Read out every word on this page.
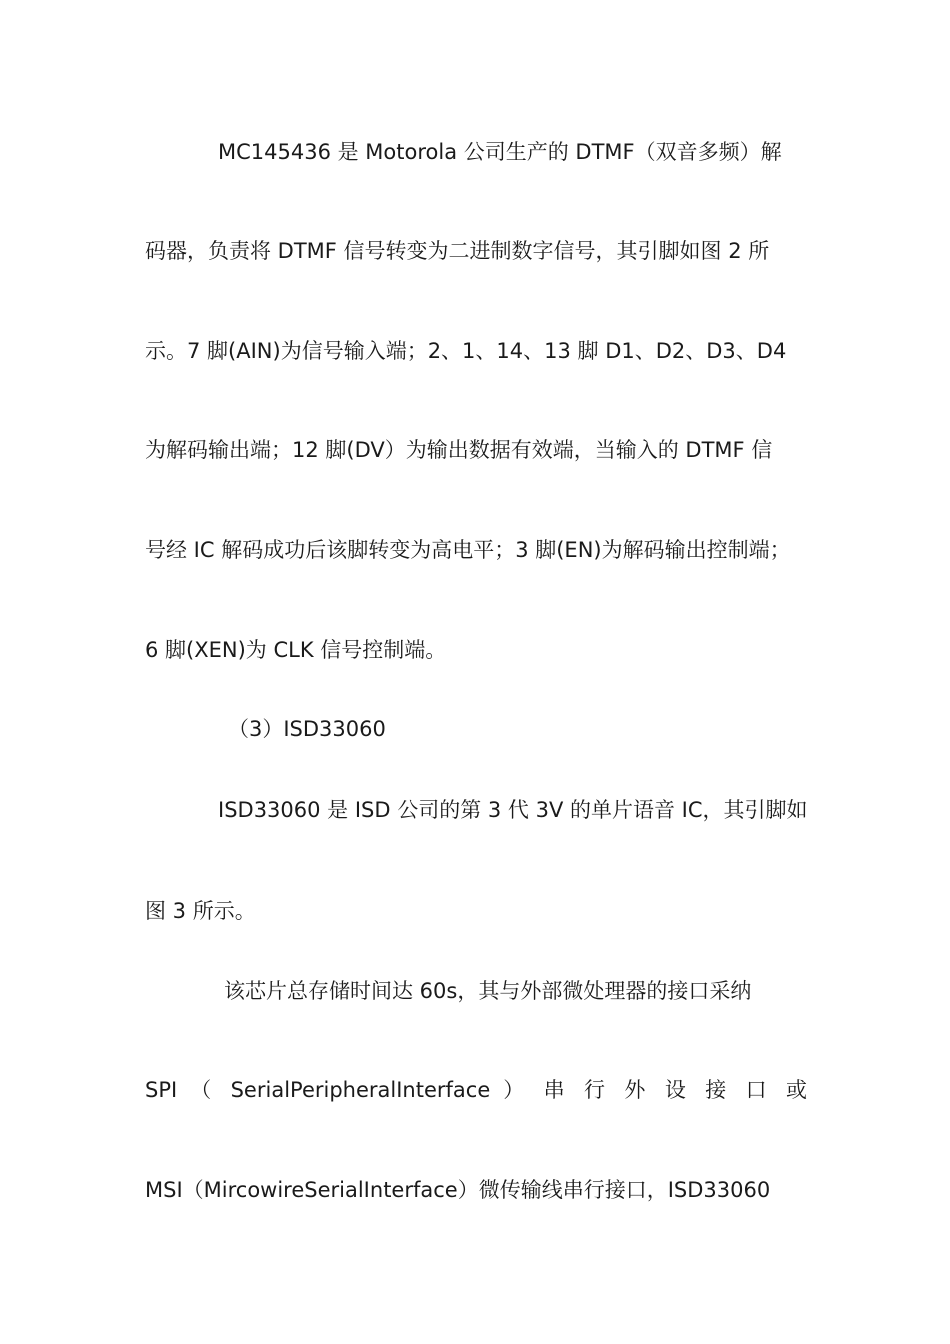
MC145436 是 Motorola 公司生产的 DTMF（双音多频）解
码器，负责将 DTMF 信号转变为二进制数字信号，其引脚如图 2 所
示。7 脚(AIN)为信号输入端；2、1、14、13 脚 D1、D2、D3、D4
为解码输出端；12 脚(DV）为输出数据有效端，当输入的 DTMF 信
号经 IC 解码成功后该脚转变为高电平；3 脚(EN)为解码输出控制端；
6 脚(XEN)为 CLK 信号控制端。
（3）ISD33060
ISD33060 是 ISD 公司的第 3 代 3V 的单片语音 IC，其引脚如
图 3 所示。
该芯片总存储时间达 60s，其与外部微处理器的接口采纳
SPI （ SerialPeripheralInterface ） 串 行 外 设 接 口 或
MSI（MircowireSerialInterface）微传输线串行接口，ISD33060
